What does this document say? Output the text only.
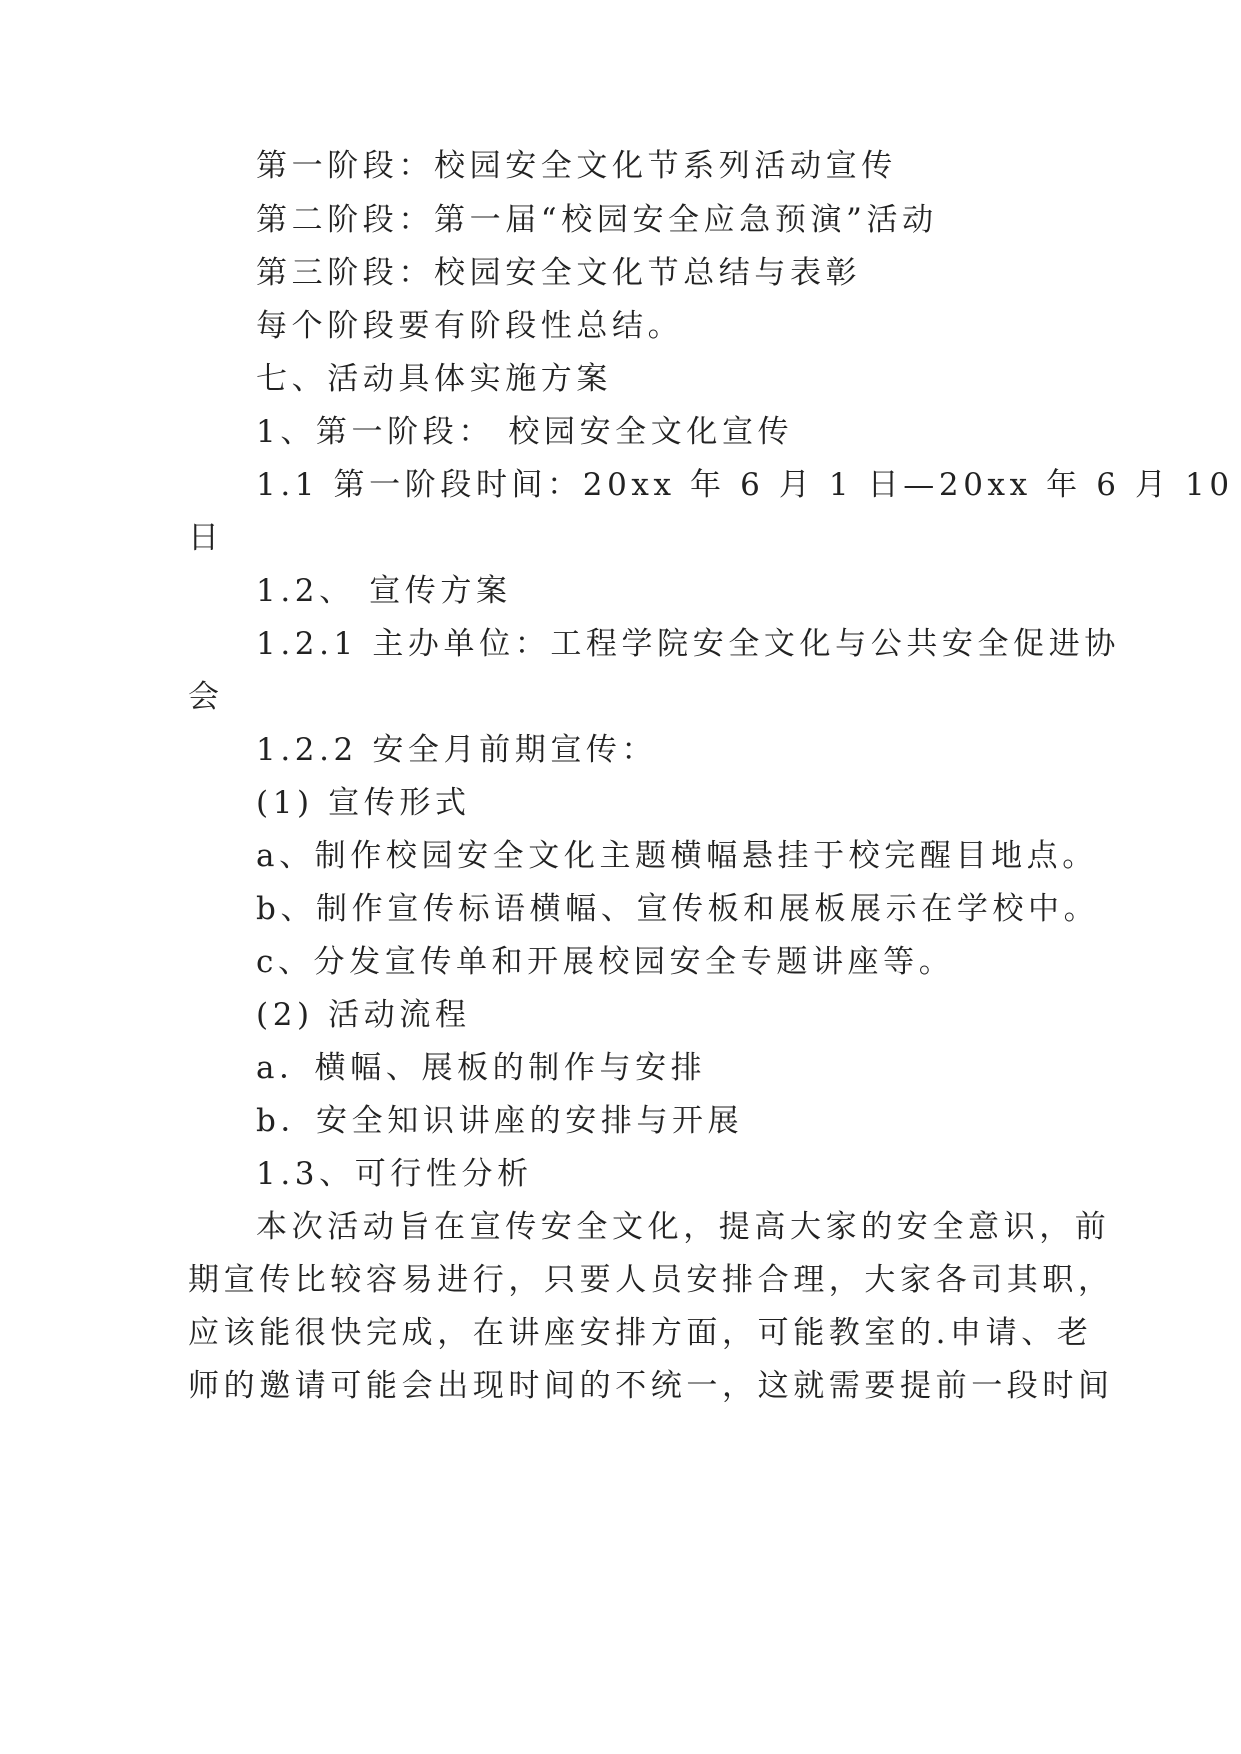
第一阶段：校园安全文化节系列活动宣传
第二阶段：第一届“校园安全应急预演”活动
第三阶段：校园安全文化节总结与表彰
每个阶段要有阶段性总结。
七、活动具体实施方案
1、第一阶段： 校园安全文化宣传
1.1 第一阶段时间：20xx 年 6 月 1 日—20xx 年 6 月 10
日
1.2、 宣传方案
1.2.1 主办单位：工程学院安全文化与公共安全促进协
会
1.2.2 安全月前期宣传：
(1) 宣传形式
a、制作校园安全文化主题横幅悬挂于校完醒目地点。
b、制作宣传标语横幅、宣传板和展板展示在学校中。
c、分发宣传单和开展校园安全专题讲座等。
(2) 活动流程
a．横幅、展板的制作与安排
b．安全知识讲座的安排与开展
1.3、可行性分析
本次活动旨在宣传安全文化，提高大家的安全意识，前
期宣传比较容易进行，只要人员安排合理，大家各司其职，
应该能很快完成，在讲座安排方面，可能教室的.申请、老
师的邀请可能会出现时间的不统一，这就需要提前一段时间
